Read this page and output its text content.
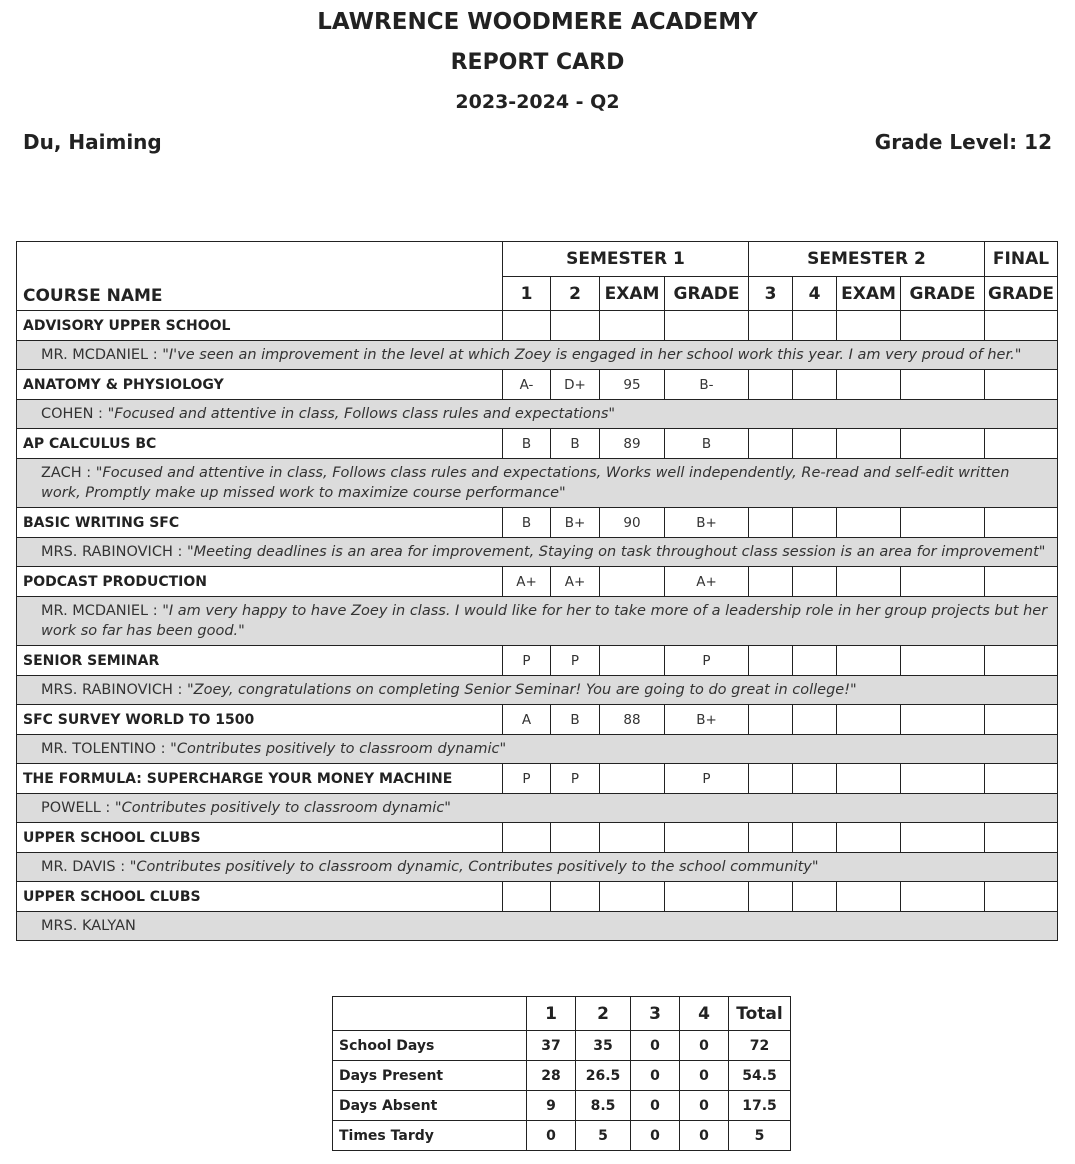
LAWRENCE WOODMERE ACADEMY
REPORT CARD
2023-2024 - Q2
Du, Haiming	Grade Level: 12
COURSE NAME	SEMESTER 1				SEMESTER 2				FINAL
	1	2	EXAM	GRADE	3	4	EXAM	GRADE	GRADE
ADVISORY UPPER SCHOOL									
MR. MCDANIEL : "I've seen an improvement in the level at which Zoey is engaged in her school work this year. I am very proud of her."									
ANATOMY & PHYSIOLOGY	A-	D+	95	B-					
COHEN : "Focused and attentive in class, Follows class rules and expectations"									
AP CALCULUS BC	B	B	89	B					
ZACH : "Focused and attentive in class, Follows class rules and expectations, Works well independently, Re-read and self-edit written work, Promptly make up missed work to maximize course performance"									
BASIC WRITING SFC	B	B+	90	B+					
MRS. RABINOVICH : "Meeting deadlines is an area for improvement, Staying on task throughout class session is an area for improvement"									
PODCAST PRODUCTION	A+	A+		A+					
MR. MCDANIEL : "I am very happy to have Zoey in class. I would like for her to take more of a leadership role in her group projects but her work so far has been good."									
SENIOR SEMINAR	P	P		P					
MRS. RABINOVICH : "Zoey, congratulations on completing Senior Seminar! You are going to do great in college!"									
SFC SURVEY WORLD TO 1500	A	B	88	B+					
MR. TOLENTINO : "Contributes positively to classroom dynamic"									
THE FORMULA: SUPERCHARGE YOUR MONEY MACHINE	P	P		P					
POWELL : "Contributes positively to classroom dynamic"									
UPPER SCHOOL CLUBS									
MR. DAVIS : "Contributes positively to classroom dynamic, Contributes positively to the school community"									
UPPER SCHOOL CLUBS									
MRS. KALYAN									
	1	2	3	4	Total
School Days	37	35	0	0	72
Days Present	28	26.5	0	0	54.5
Days Absent	9	8.5	0	0	17.5
Times Tardy	0	5	0	0	5
